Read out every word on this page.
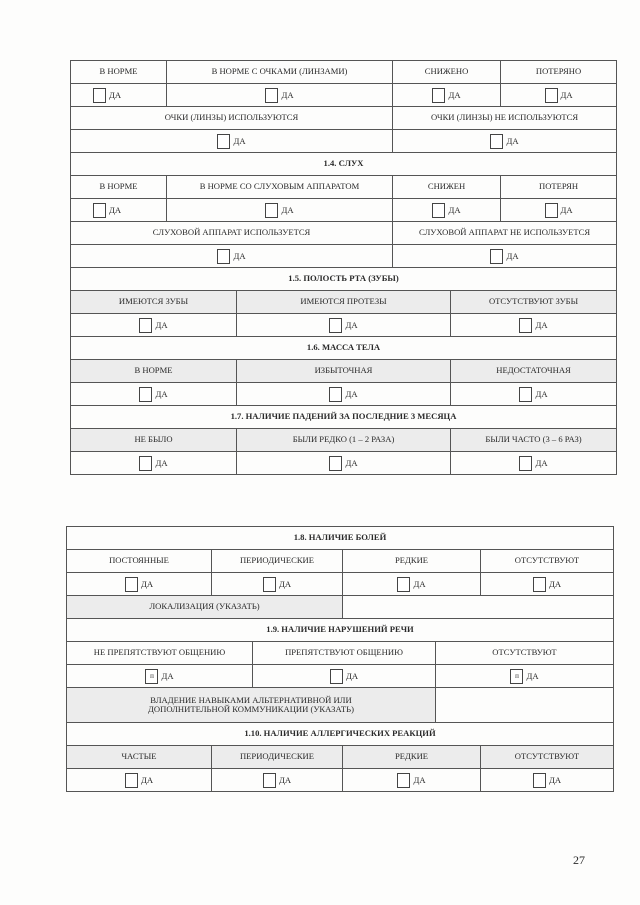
В НОРМЕ	В НОРМЕ С ОЧКАМИ (ЛИНЗАМИ)		СНИЖЕНО		ПОТЕРЯНО
ДА	ДА		ДА		ДА
ОЧКИ (ЛИНЗЫ) ИСПОЛЬЗУЮТСЯ			ОЧКИ (ЛИНЗЫ) НЕ ИСПОЛЬЗУЮТСЯ		
ДА			ДА		
1.4. СЛУХ					
В НОРМЕ	В НОРМЕ СО СЛУХОВЫМ АППАРАТОМ		СНИЖЕН		ПОТЕРЯН
ДА	ДА		ДА		ДА
СЛУХОВОЙ АППАРАТ ИСПОЛЬЗУЕТСЯ			СЛУХОВОЙ АППАРАТ НЕ ИСПОЛЬЗУЕТСЯ		
ДА			ДА		
1.5. ПОЛОСТЬ РТА (ЗУБЫ)					
ИМЕЮТСЯ ЗУБЫ		ИМЕЮТСЯ ПРОТЕЗЫ		ОТСУТСТВУЮТ ЗУБЫ	
ДА		ДА		ДА	
1.6. МАССА ТЕЛА					
В НОРМЕ		ИЗБЫТОЧНАЯ		НЕДОСТАТОЧНАЯ	
ДА		ДА		ДА	
1.7. НАЛИЧИЕ ПАДЕНИЙ ЗА ПОСЛЕДНИЕ 3 МЕСЯЦА					
НЕ БЫЛО		БЫЛИ РЕДКО (1 – 2 РАЗА)		БЫЛИ ЧАСТО (3 – 6 РАЗ)	
ДА		ДА		ДА	
1.8. НАЛИЧИЕ БОЛЕЙ					
ПОСТОЯННЫЕ	ПЕРИОДИЧЕСКИЕ		РЕДКИЕ		ОТСУТСТВУЮТ
ДА	ДА		ДА		ДА
ЛОКАЛИЗАЦИЯ (УКАЗАТЬ)					
1.9. НАЛИЧИЕ НАРУШЕНИЙ РЕЧИ					
НЕ ПРЕПЯТСТВУЮТ ОБЩЕНИЮ		ПРЕПЯТСТВУЮТ ОБЩЕНИЮ		ОТСУТСТВУЮТ	
п ДА		ДА		п ДА	

ВЛАДЕНИЕ НАВЫКАМИ АЛЬТЕРНАТИВНОЙ ИЛИ
ДОПОЛНИТЕЛЬНОЙ КОММУНИКАЦИИ (УКАЗАТЬ)					

1.10. НАЛИЧИЕ АЛЛЕРГИЧЕСКИХ РЕАКЦИЙ					
ЧАСТЫЕ	ПЕРИОДИЧЕСКИЕ		РЕДКИЕ		ОТСУТСТВУЮТ
ДА	ДА		ДА		ДА
27
